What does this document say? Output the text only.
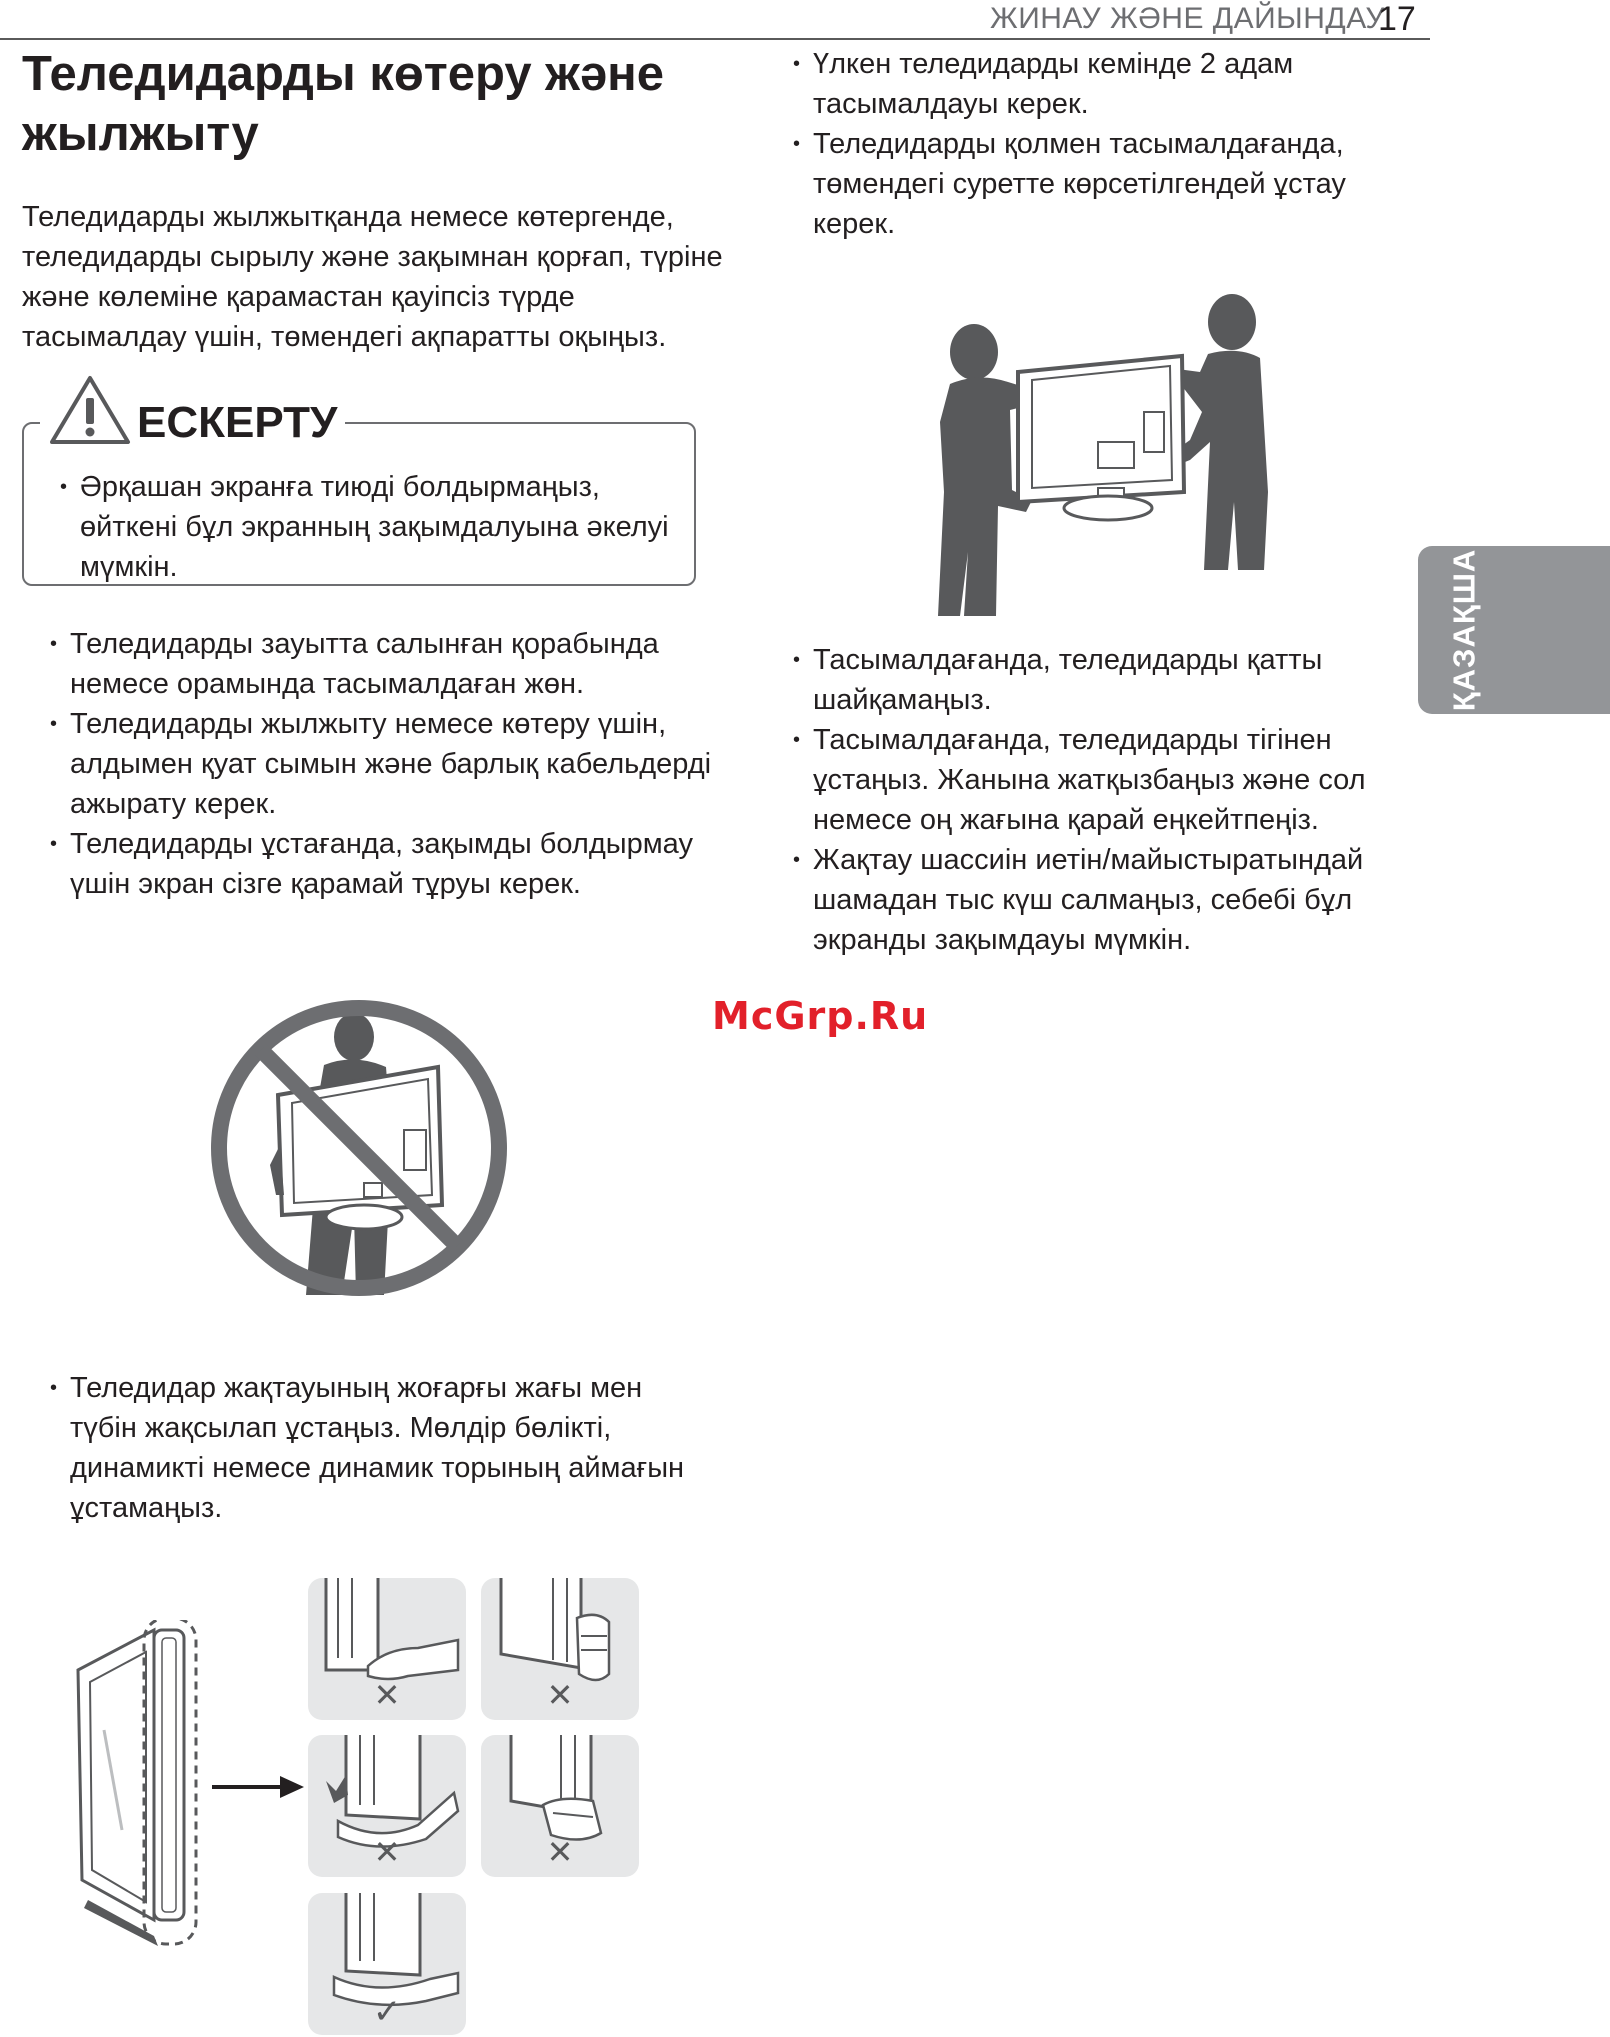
ЖИНАУ ЖӘНЕ ДАЙЫНДАУ
17
Теледидарды көтеру және жылжыту
Теледидарды жылжытқанда немесе көтергенде, теледидарды сырылу және зақымнан қорғап, түріне және көлеміне қарамастан қауіпсіз түрде тасымалдау үшін, төмендегі ақпаратты оқыңыз.
ЕСКЕРТУ
• Әрқашан экранға тиюді болдырмаңыз, өйткені бұл экранның зақымдалуына әкелуі мүмкін.
• Теледидарды зауытта салынған қорабында немесе орамында тасымалдаған жөн.
• Теледидарды жылжыту немесе көтеру үшін, алдымен қуат сымын және барлық кабельдерді ажырату керек.
• Теледидарды ұстағанда, зақымды болдырмау үшін экран сізге қарамай тұруы керек.
• Теледидар жақтауының жоғарғы жағы мен түбін жақсылап ұстаңыз. Мөлдір бөлікті, динамикті немесе динамик торының аймағын ұстамаңыз.
✕	✕
✕	✕
✓
• Үлкен теледидарды кемінде 2 адам тасымалдауы керек.
• Теледидарды қолмен тасымалдағанда, төмендегі суретте көрсетілгендей ұстау керек.
• Тасымалдағанда, теледидарды қатты шайқамаңыз.
• Тасымалдағанда, теледидарды тігінен ұстаңыз. Жанына жатқызбаңыз және сол немесе оң жағына қарай еңкейтпеңіз.
• Жақтау шассиін иетін/майыстыратындай шамадан тыс күш салмаңыз, себебі бұл экранды зақымдауы мүмкін.
ҚАЗАҚША
McGrp.Ru
